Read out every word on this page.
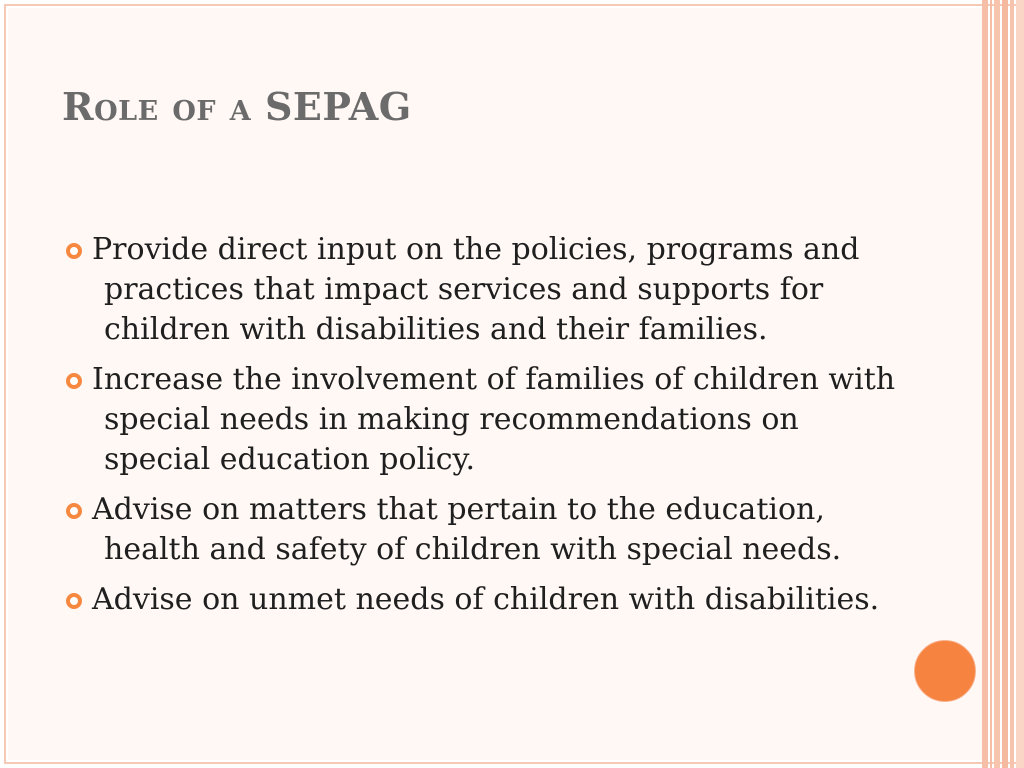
Role of a SEPAG
Provide direct input on the policies, programs and practices that impact services and supports for children with disabilities and their families.
Increase the involvement of families of children with special needs in making recommendations on special education policy.
Advise on matters that pertain to the education, health and safety of children with special needs.
Advise on unmet needs of children with disabilities.
